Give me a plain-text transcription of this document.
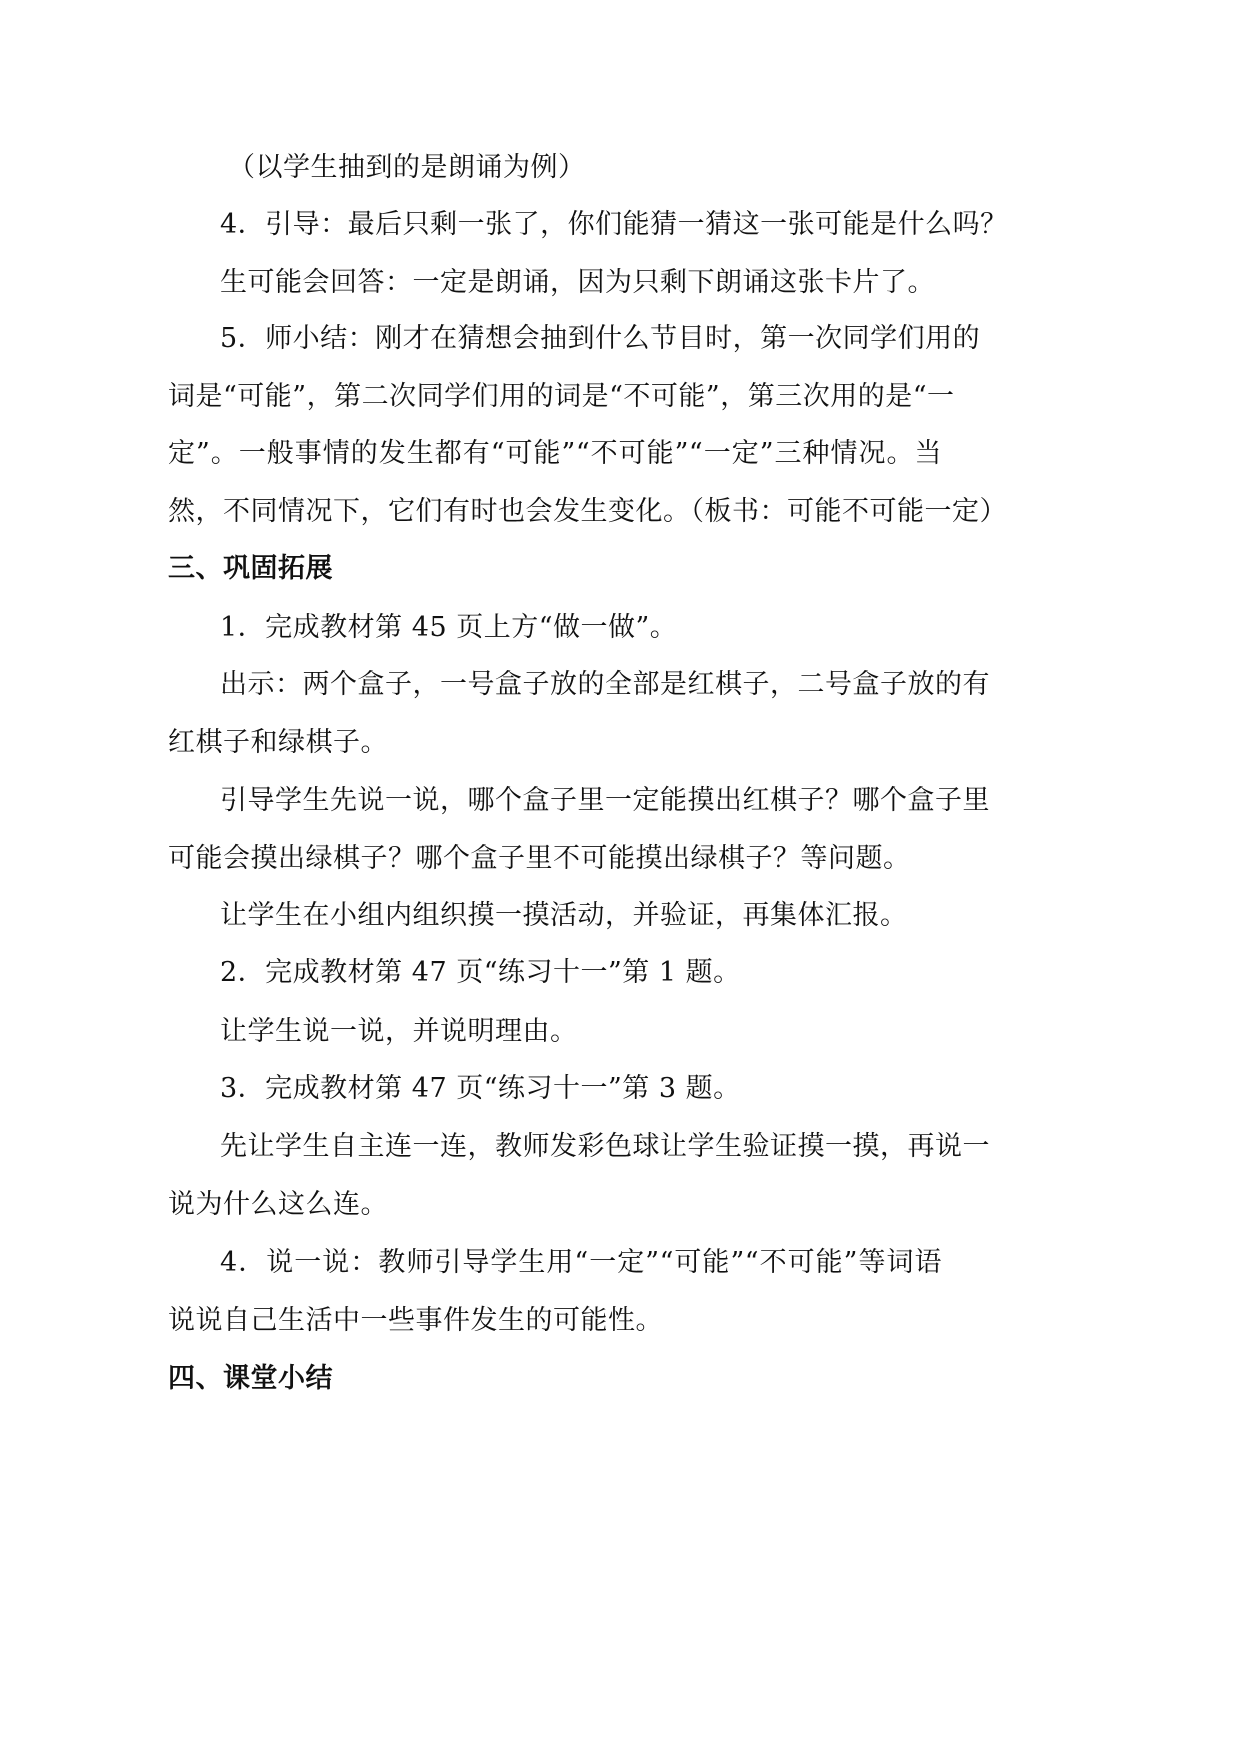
（以学生抽到的是朗诵为例）
4．引导：最后只剩一张了，你们能猜一猜这一张可能是什么吗？
生可能会回答：一定是朗诵，因为只剩下朗诵这张卡片了。
5．师小结：刚才在猜想会抽到什么节目时，第一次同学们用的
词是“可能”，第二次同学们用的词是“不可能”，第三次用的是“一
定”。一般事情的发生都有“可能”“不可能”“一定”三种情况。当
然，不同情况下，它们有时也会发生变化。（板书：可能不可能一定）
三、巩固拓展
1．完成教材第 45 页上方“做一做”。
出示：两个盒子，一号盒子放的全部是红棋子，二号盒子放的有
红棋子和绿棋子。
引导学生先说一说，哪个盒子里一定能摸出红棋子？哪个盒子里
可能会摸出绿棋子？哪个盒子里不可能摸出绿棋子？等问题。
让学生在小组内组织摸一摸活动，并验证，再集体汇报。
2．完成教材第 47 页“练习十一”第 1 题。
让学生说一说，并说明理由。
3．完成教材第 47 页“练习十一”第 3 题。
先让学生自主连一连，教师发彩色球让学生验证摸一摸，再说一
说为什么这么连。
4．说一说：教师引导学生用“一定”“可能”“不可能”等词语
说说自己生活中一些事件发生的可能性。
四、课堂小结
